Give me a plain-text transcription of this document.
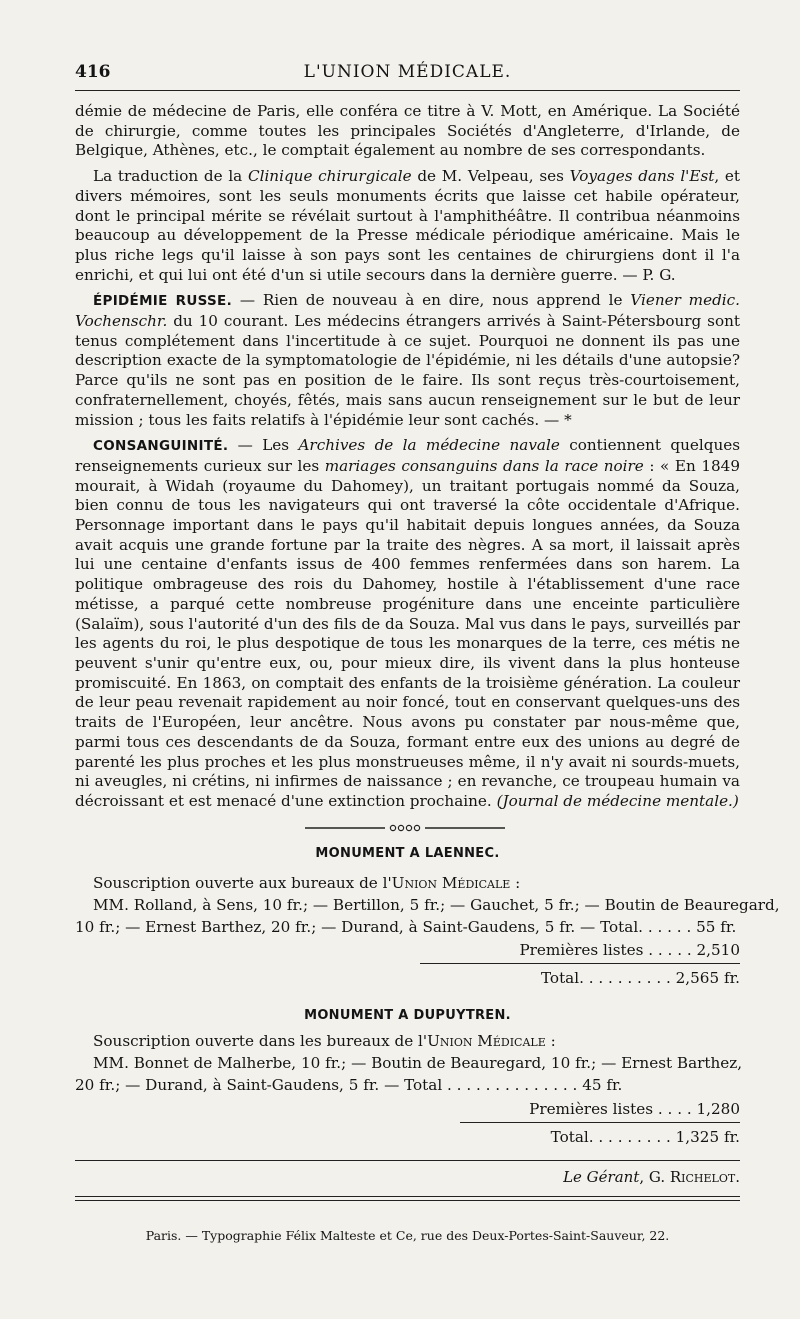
416	L'UNION MÉDICALE.

démie de médecine de Paris, elle conféra ce titre à V. Mott, en Amérique. La Société de chirurgie, comme toutes les principales Sociétés d'Angleterre, d'Irlande, de Belgique, Athènes, etc., le comptait également au nombre de ses correspondants.

La traduction de la Clinique chirurgicale de M. Velpeau, ses Voyages dans l'Est, et divers mémoires, sont les seuls monuments écrits que laisse cet habile opérateur, dont le principal mérite se révélait surtout à l'amphithéâtre. Il contribua néanmoins beaucoup au développement de la Presse médicale périodique américaine. Mais le plus riche legs qu'il laisse à son pays sont les centaines de chirurgiens dont il l'a enrichi, et qui lui ont été d'un si utile secours dans la dernière guerre. — P. G.

ÉPIDÉMIE RUSSE. — Rien de nouveau à en dire, nous apprend le Viener medic. Vochenschr. du 10 courant. Les médecins étrangers arrivés à Saint-Pétersbourg sont tenus complétement dans l'incertitude à ce sujet. Pourquoi ne donnent ils pas une description exacte de la symptomatologie de l'épidémie, ni les détails d'une autopsie? Parce qu'ils ne sont pas en position de le faire. Ils sont reçus très-courtoisement, confraternellement, choyés, fêtés, mais sans aucun renseignement sur le but de leur mission ; tous les faits relatifs à l'épidémie leur sont cachés. — *

CONSANGUINITÉ. — Les Archives de la médecine navale contiennent quelques renseignements curieux sur les mariages consanguins dans la race noire : « En 1849 mourait, à Widah (royaume du Dahomey), un traitant portugais nommé da Souza, bien connu de tous les navigateurs qui ont traversé la côte occidentale d'Afrique. Personnage important dans le pays qu'il habitait depuis longues années, da Souza avait acquis une grande fortune par la traite des nègres. A sa mort, il laissait après lui une centaine d'enfants issus de 400 femmes renfermées dans son harem. La politique ombrageuse des rois du Dahomey, hostile à l'établissement d'une race métisse, a parqué cette nombreuse progéniture dans une enceinte particulière (Salaïm), sous l'autorité d'un des fils de da Souza. Mal vus dans le pays, surveillés par les agents du roi, le plus despotique de tous les monarques de la terre, ces métis ne peuvent s'unir qu'entre eux, ou, pour mieux dire, ils vivent dans la plus honteuse promiscuité. En 1863, on comptait des enfants de la troisième génération. La couleur de leur peau revenait rapidement au noir foncé, tout en conservant quelques-uns des traits de l'Européen, leur ancêtre. Nous avons pu constater par nous-même que, parmi tous ces descendants de da Souza, formant entre eux des unions au degré de parenté les plus proches et les plus monstrueuses même, il n'y avait ni sourds-muets, ni aveugles, ni crétins, ni infirmes de naissance ; en revanche, ce troupeau humain va décroissant et est menacé d'une extinction prochaine. (Journal de médecine mentale.)

MONUMENT A LAENNEC.
Souscription ouverte aux bureaux de l'Union Médicale :
MM. Rolland, à Sens, 10 fr.; — Bertillon, 5 fr.; — Gauchet, 5 fr.; — Boutin de Beauregard,
10 fr.; — Ernest Barthez, 20 fr.; — Durand, à Saint-Gaudens, 5 fr. — Total. . . . . . 55 fr.
Premières listes . . . . . 2,510
Total. . . . . . . . . . 2,565 fr.
MONUMENT A DUPUYTREN.
Souscription ouverte dans les bureaux de l'Union Médicale :
MM. Bonnet de Malherbe, 10 fr.; — Boutin de Beauregard, 10 fr.; — Ernest Barthez,
20 fr.; — Durand, à Saint-Gaudens, 5 fr. — Total . . . . . . . . . . . . . . 45 fr.
Premières listes . . . . 1,280
Total. . . . . . . . . 1,325 fr.
Le Gérant, G. Richelot.
Paris. — Typographie Félix Malteste et Ce, rue des Deux-Portes-Saint-Sauveur, 22.
